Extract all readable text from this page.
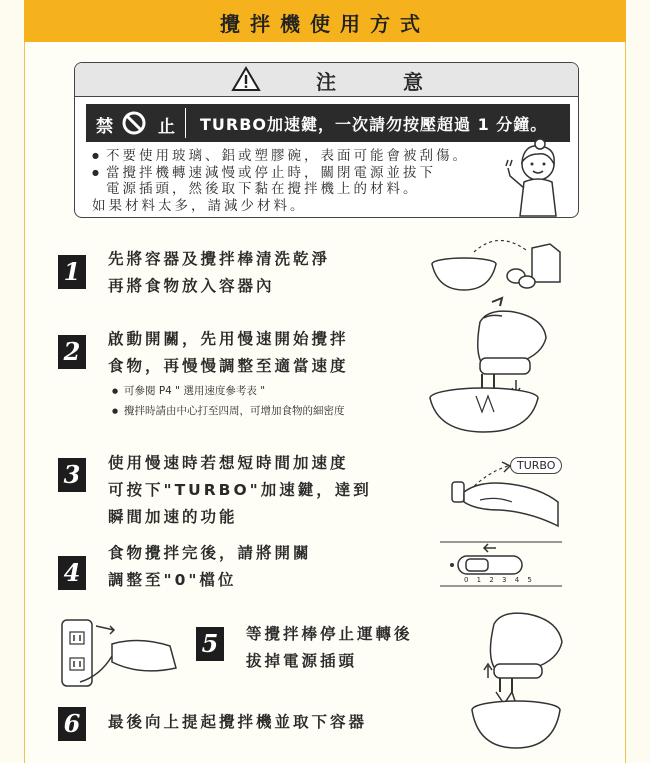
攪拌機使用方式
注	意
禁	止 TURBO加速鍵，一次請勿按壓超過 1 分鐘。
● 不要使用玻璃、鋁或塑膠碗，表面可能會被刮傷。
● 當攪拌機轉速減慢或停止時，關閉電源並拔下
電源插頭，然後取下黏在攪拌機上的材料。
如果材料太多，請減少材料。
1	先將容器及攪拌棒清洗乾淨
再將食物放入容器內
2	啟動開關，先用慢速開始攪拌
食物，再慢慢調整至適當速度
● 可參閱 P4 " 選用速度參考表 "
● 攪拌時請由中心打至四周，可增加食物的細密度
3	使用慢速時若想短時間加速度
可按下"TURBO"加速鍵，達到
瞬間加速的功能
TURBO
4
食物攪拌完後，請將開關
調整至"0"檔位	0 1 2 3 4 5
5	等攪拌棒停止運轉後
拔掉電源插頭
6	最後向上提起攪拌機並取下容器
